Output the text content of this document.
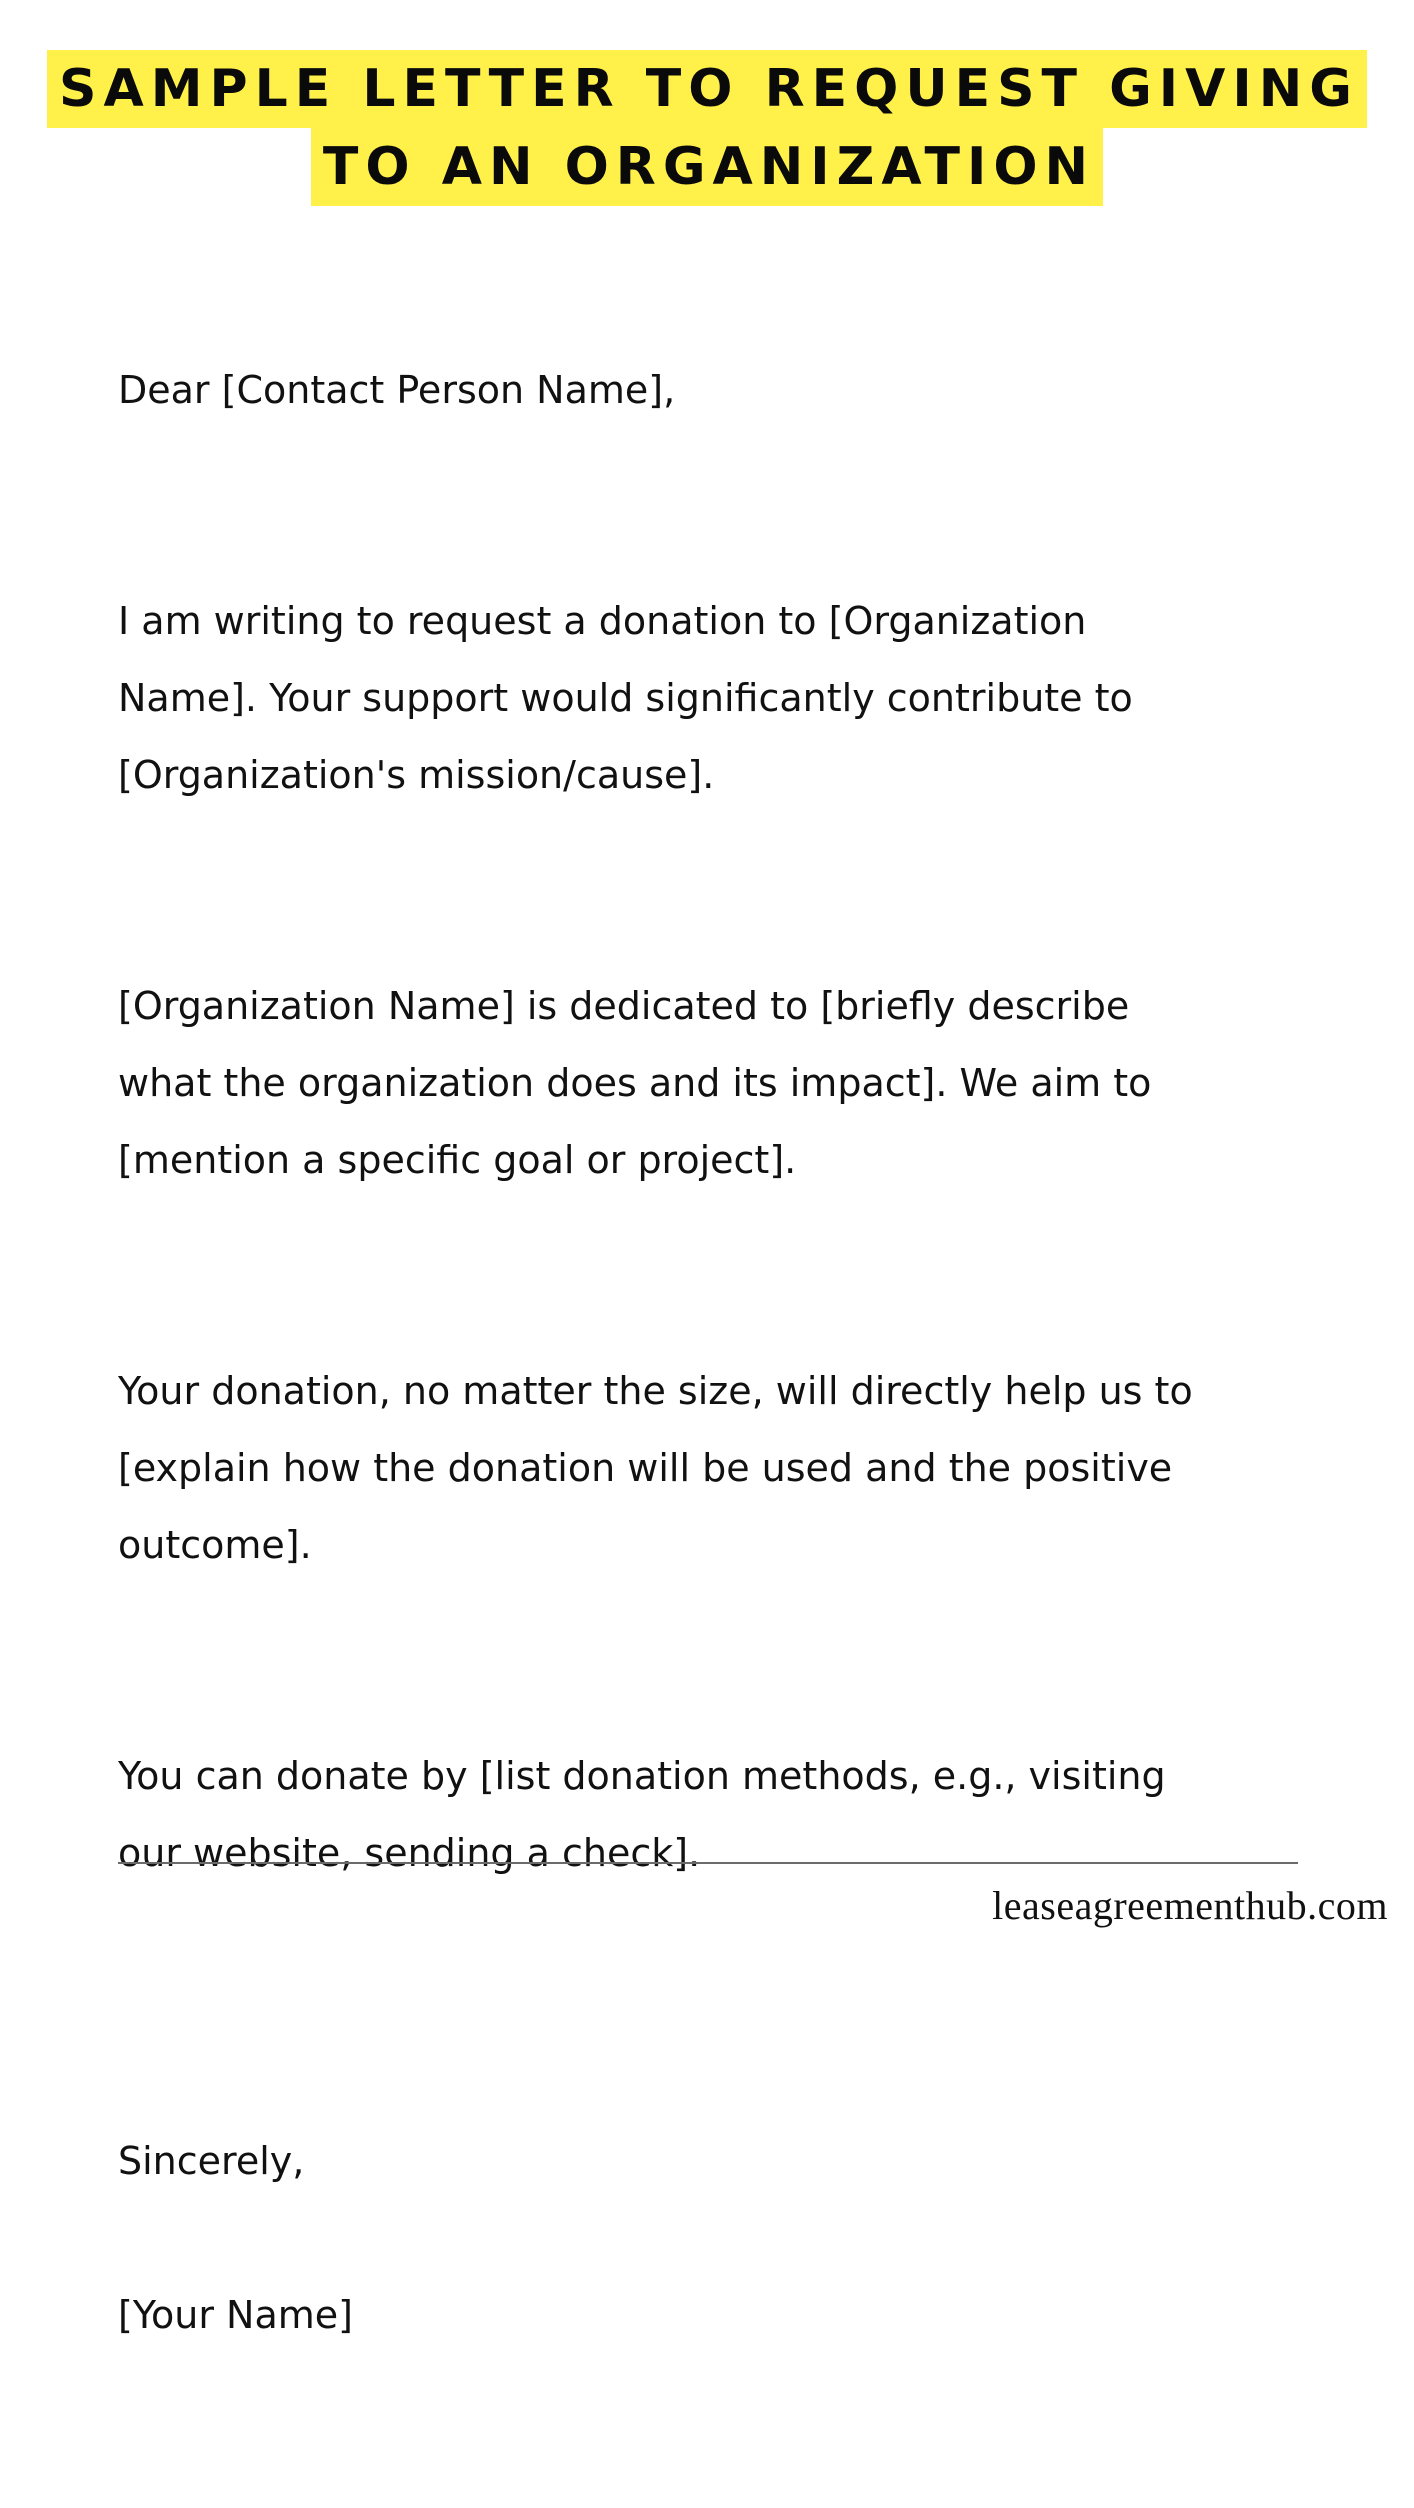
SAMPLE LETTER TO REQUEST GIVING
TO AN ORGANIZATION

Dear [Contact Person Name],

I am writing to request a donation to [Organization
Name]. Your support would significantly contribute to
[Organization's mission/cause].

[Organization Name] is dedicated to [briefly describe
what the organization does and its impact]. We aim to
[mention a specific goal or project].

Your donation, no matter the size, will directly help us to
[explain how the donation will be used and the positive
outcome].

You can donate by [list donation methods, e.g., visiting
our website, sending a check].

Sincerely,

[Your Name]

leaseagreementhub.com
